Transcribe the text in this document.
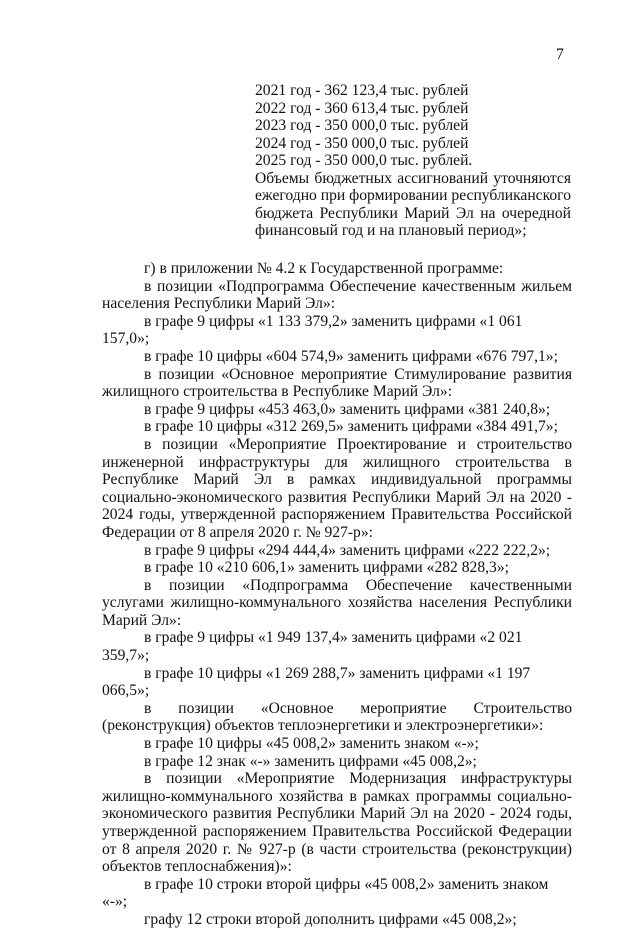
7
2021 год - 362 123,4 тыс. рублей
2022 год - 360 613,4 тыс. рублей
2023 год - 350 000,0 тыс. рублей
2024 год - 350 000,0 тыс. рублей
2025 год - 350 000,0 тыс. рублей.
Объемы бюджетных ассигнований уточняются ежегодно при формировании республиканского бюджета Республики Марий Эл на очередной финансовый год и на плановый период»;

г) в приложении № 4.2 к Государственной программе:

в позиции «Подпрограмма Обеспечение качественным жильем населения Республики Марий Эл»:

в графе 9 цифры «1 133 379,2» заменить цифрами «1 061 157,0»;

в графе 10 цифры «604 574,9» заменить цифрами «676 797,1»;

в позиции «Основное мероприятие Стимулирование развития жилищного строительства в Республике Марий Эл»:

в графе 9 цифры «453 463,0» заменить цифрами «381 240,8»;

в графе 10 цифры «312 269,5» заменить цифрами «384 491,7»;

в позиции «Мероприятие Проектирование и строительство инженерной инфраструктуры для жилищного строительства в Республике Марий Эл в рамках индивидуальной программы социально-экономического развития Республики Марий Эл на 2020 - 2024 годы, утвержденной распоряжением Правительства Российской Федерации от 8 апреля 2020 г. № 927-р»:

в графе 9 цифры «294 444,4» заменить цифрами «222 222,2»;

в графе 10 «210 606,1» заменить цифрами «282 828,3»;

в позиции «Подпрограмма Обеспечение качественными услугами жилищно-коммунального хозяйства населения Республики Марий Эл»:

в графе 9 цифры «1 949 137,4» заменить цифрами «2 021 359,7»;

в графе 10 цифры «1 269 288,7» заменить цифрами «1 197 066,5»;

в позиции «Основное мероприятие Строительство (реконструкция) объектов теплоэнергетики и электроэнергетики»:

в графе 10 цифры «45 008,2» заменить знаком «-»;

в графе 12 знак «-» заменить цифрами «45 008,2»;

в позиции «Мероприятие Модернизация инфраструктуры жилищно-коммунального хозяйства в рамках программы социально-экономического развития Республики Марий Эл на 2020 - 2024 годы, утвержденной распоряжением Правительства Российской Федерации от 8 апреля 2020 г. № 927-р (в части строительства (реконструкции) объектов теплоснабжения)»:

в графе 10 строки второй цифры «45 008,2» заменить знаком «-»;

графу 12 строки второй дополнить цифрами «45 008,2»;
